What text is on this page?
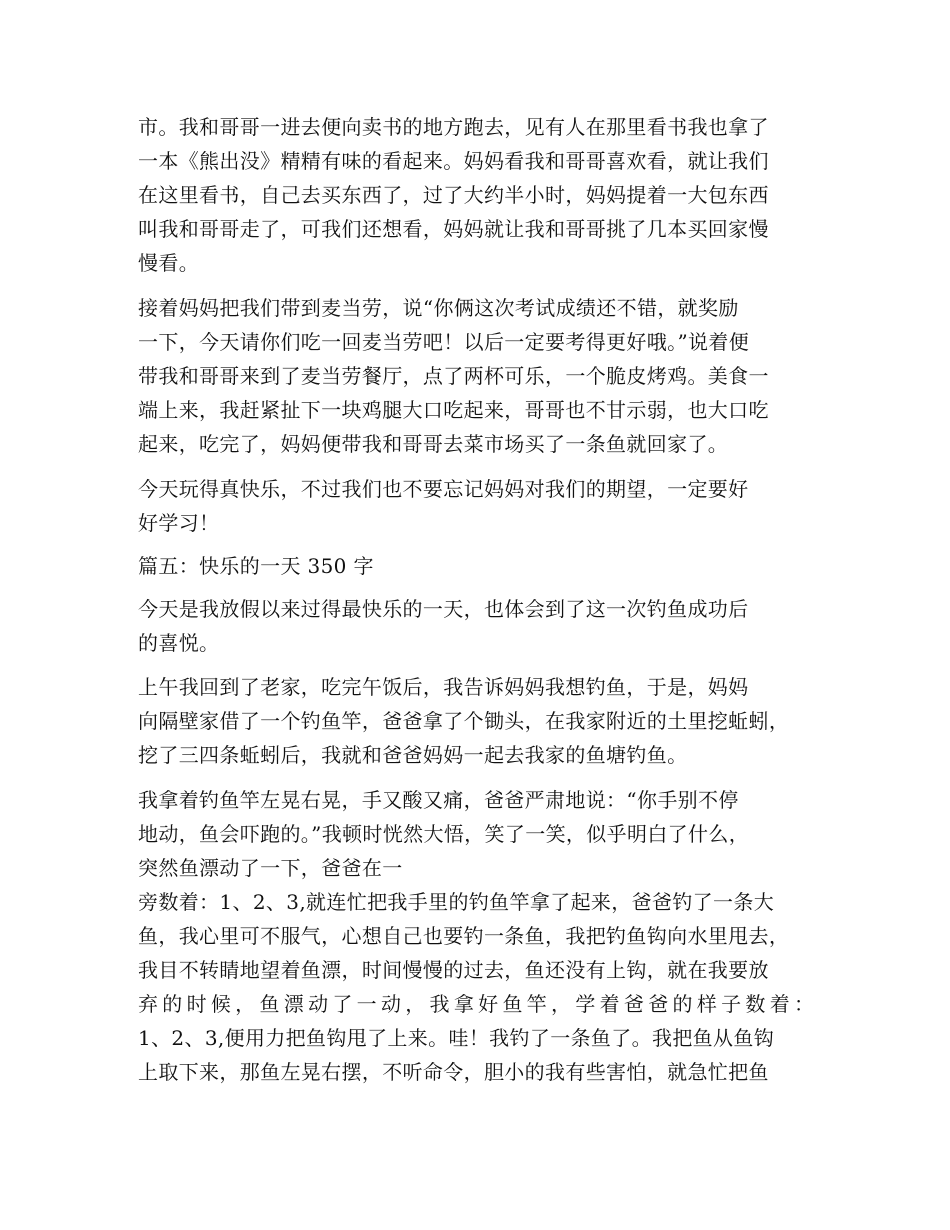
市。我和哥哥一进去便向卖书的地方跑去，见有人在那里看书我也拿了
一本《熊出没》精精有味的看起来。妈妈看我和哥哥喜欢看，就让我们
在这里看书，自己去买东西了，过了大约半小时，妈妈提着一大包东西
叫我和哥哥走了，可我们还想看，妈妈就让我和哥哥挑了几本买回家慢
慢看。
接着妈妈把我们带到麦当劳，说“你俩这次考试成绩还不错，就奖励
一下，今天请你们吃一回麦当劳吧！以后一定要考得更好哦。”说着便
带我和哥哥来到了麦当劳餐厅，点了两杯可乐，一个脆皮烤鸡。美食一
端上来，我赶紧扯下一块鸡腿大口吃起来，哥哥也不甘示弱，也大口吃
起来，吃完了，妈妈便带我和哥哥去菜市场买了一条鱼就回家了。
今天玩得真快乐，不过我们也不要忘记妈妈对我们的期望，一定要好
好学习！
篇五：快乐的一天 350 字
今天是我放假以来过得最快乐的一天，也体会到了这一次钓鱼成功后
的喜悦。
上午我回到了老家，吃完午饭后，我告诉妈妈我想钓鱼，于是，妈妈
向隔壁家借了一个钓鱼竿，爸爸拿了个锄头，在我家附近的土里挖蚯蚓，
挖了三四条蚯蚓后，我就和爸爸妈妈一起去我家的鱼塘钓鱼。
我拿着钓鱼竿左晃右晃，手又酸又痛，爸爸严肃地说：“你手别不停
地动，鱼会吓跑的。”我顿时恍然大悟，笑了一笑，似乎明白了什么，
突然鱼漂动了一下，爸爸在一
旁数着：1、2、3,就连忙把我手里的钓鱼竿拿了起来，爸爸钓了一条大
鱼，我心里可不服气，心想自己也要钓一条鱼，我把钓鱼钩向水里甩去，
我目不转睛地望着鱼漂，时间慢慢的过去，鱼还没有上钩，就在我要放
弃的时候，鱼漂动了一动，我拿好鱼竿，学着爸爸的样子数着：
1、2、3,便用力把鱼钩甩了上来。哇！我钓了一条鱼了。我把鱼从鱼钩
上取下来，那鱼左晃右摆，不听命令，胆小的我有些害怕，就急忙把鱼
